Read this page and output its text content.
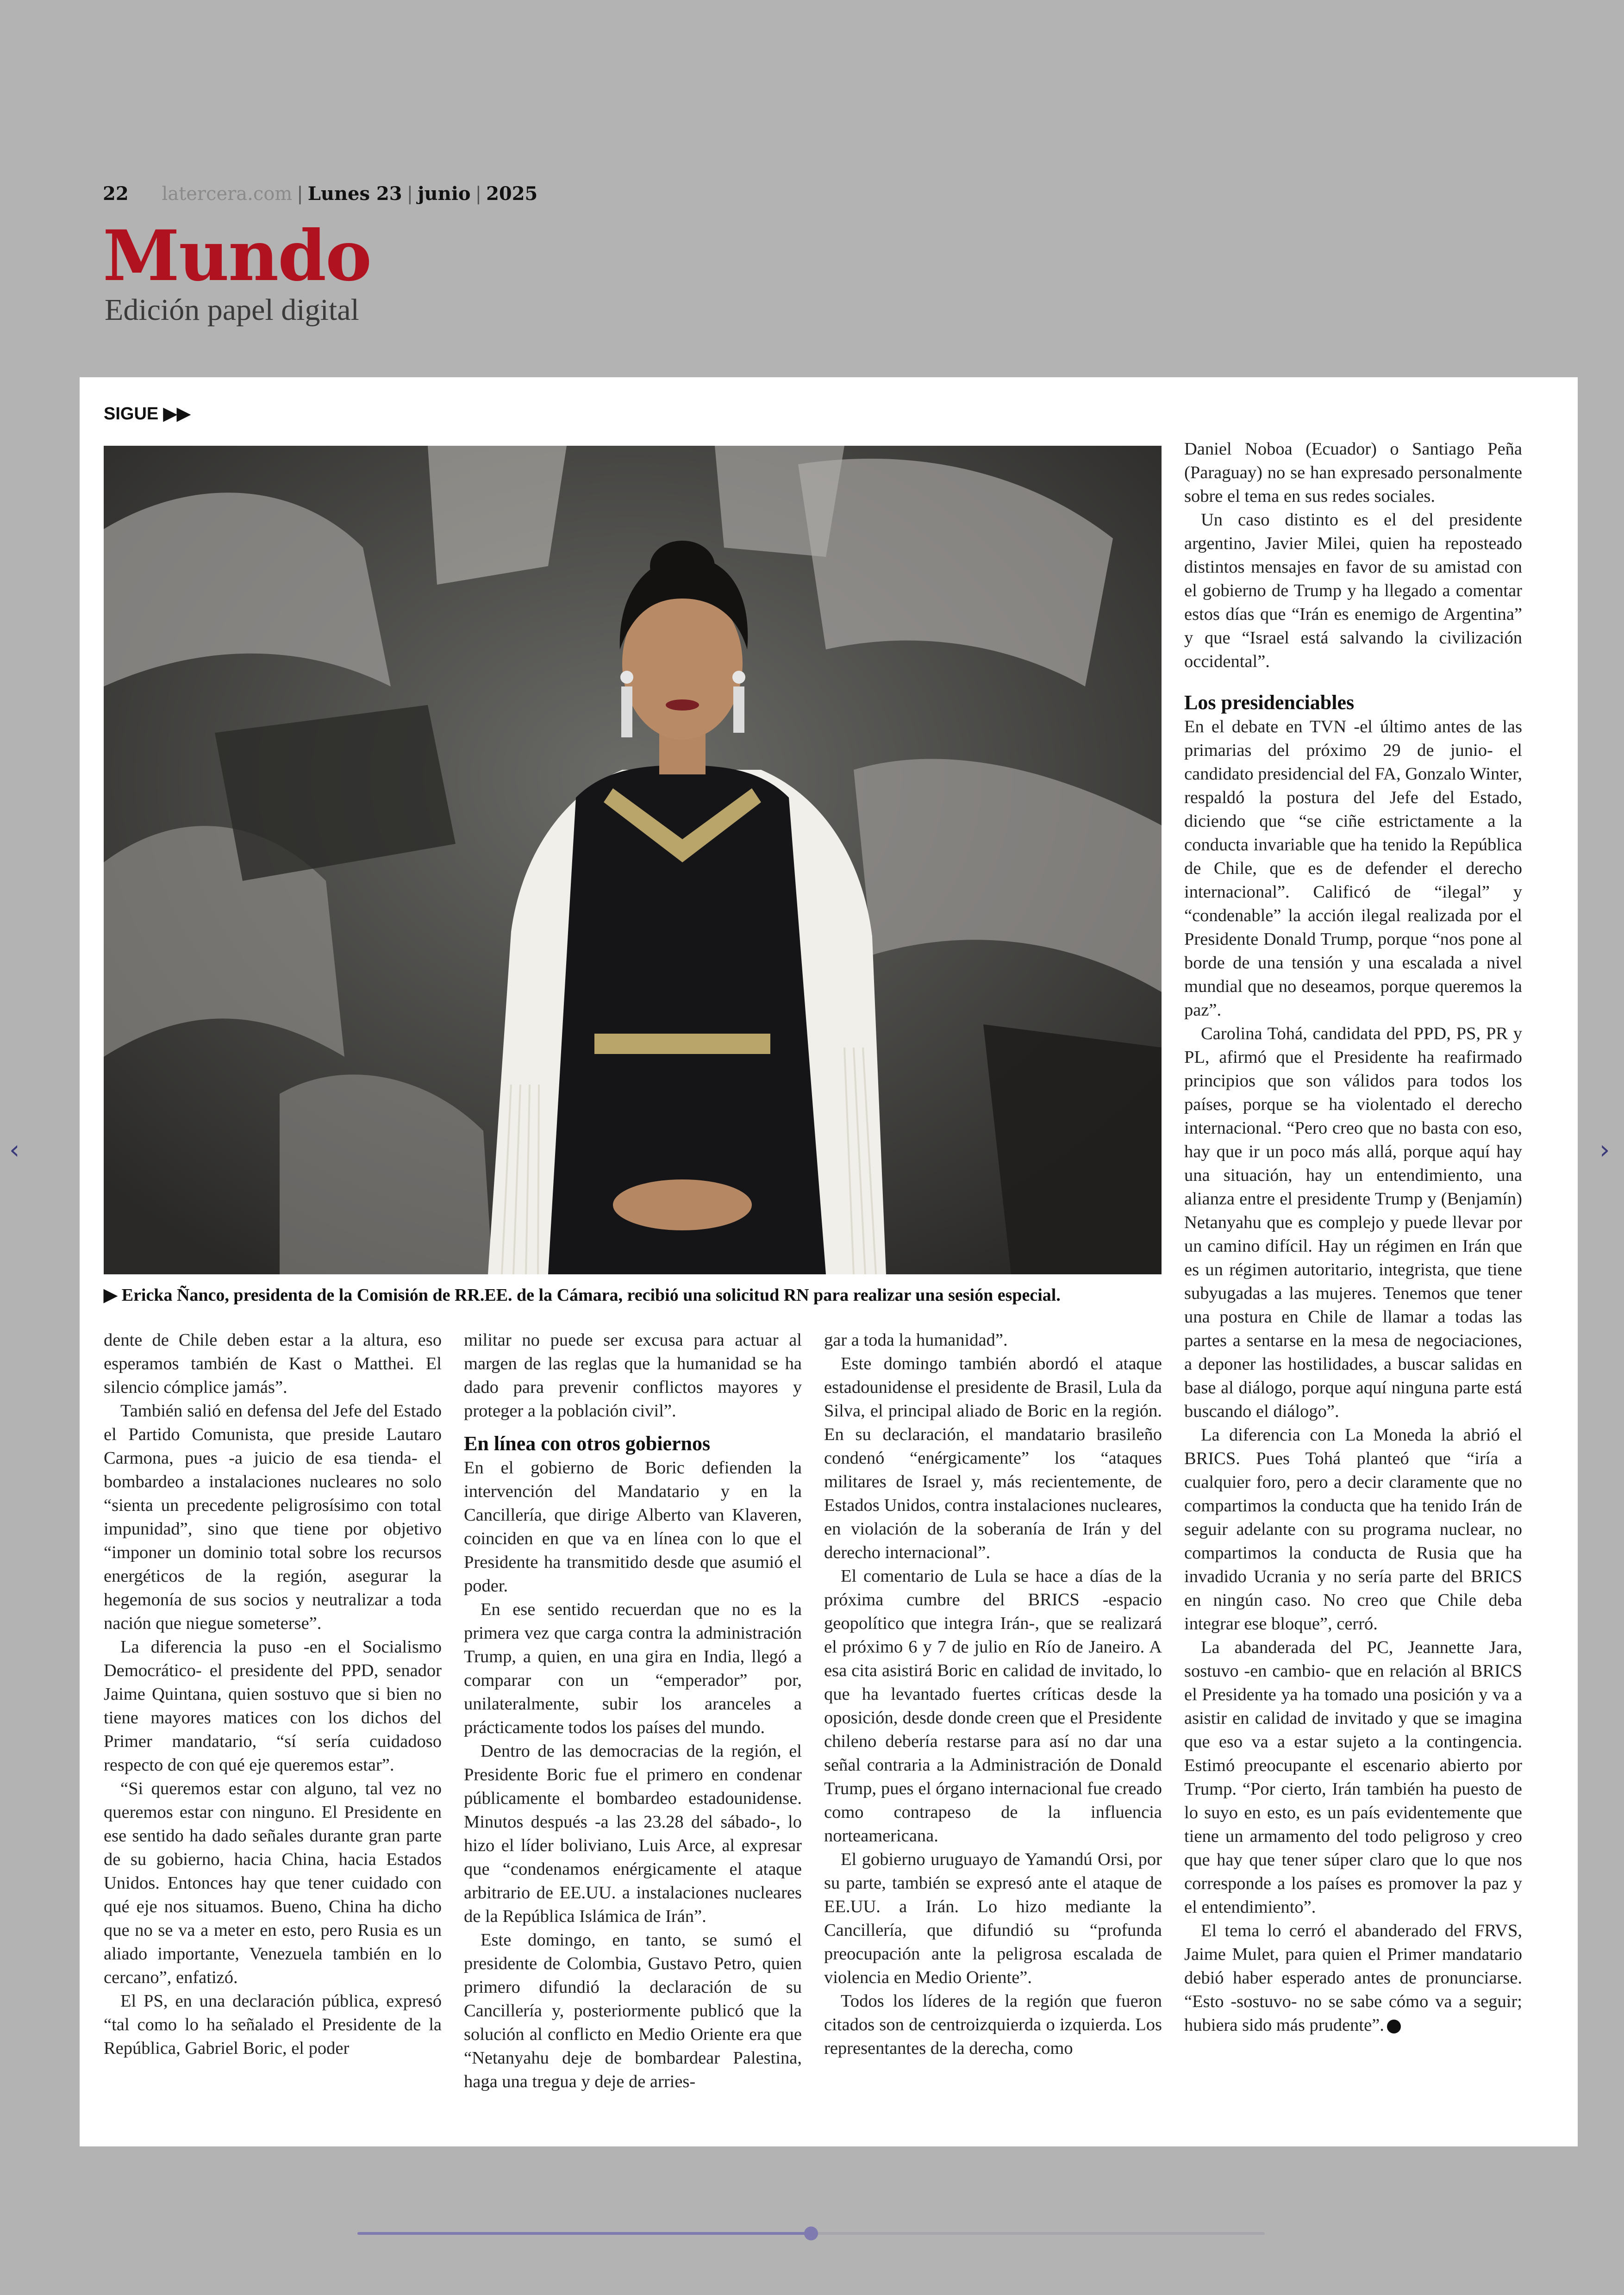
22 latercera.com | Lunes 23 | junio | 2025
Mundo
Edición papel digital
‹	›
SIGUE ▶▶
▶ Ericka Ñanco, presidenta de la Comisión de RR.EE. de la Cámara, recibió una solicitud RN para realizar una sesión especial.

dente de Chile deben estar a la altura, eso esperamos también de Kast o Matthei. El silencio cómplice jamás”.

También salió en defensa del Jefe del Estado el Partido Comunista, que preside Lautaro Carmona, pues -a juicio de esa tienda- el bombardeo a instalaciones nucleares no solo “sienta un precedente peligrosísimo con total impunidad”, sino que tiene por objetivo “imponer un dominio total sobre los recursos energéticos de la región, asegurar la hegemonía de sus socios y neutralizar a toda nación que niegue someterse”.

La diferencia la puso -en el Socialismo Democrático- el presidente del PPD, senador Jaime Quintana, quien sostuvo que si bien no tiene mayores matices con los dichos del Primer mandatario, “sí sería cuidadoso respecto de con qué eje queremos estar”.

“Si queremos estar con alguno, tal vez no queremos estar con ninguno. El Presidente en ese sentido ha dado señales durante gran parte de su gobierno, hacia China, hacia Estados Unidos. Entonces hay que tener cuidado con qué eje nos situamos. Bueno, China ha dicho que no se va a meter en esto, pero Rusia es un aliado importante, Venezuela también en lo cercano”, enfatizó.

El PS, en una declaración pública, expresó “tal como lo ha señalado el Presidente de la República, Gabriel Boric, el poder

militar no puede ser excusa para actuar al margen de las reglas que la humanidad se ha dado para prevenir conflictos mayores y proteger a la población civil”.

En línea con otros gobiernos

En el gobierno de Boric defienden la intervención del Mandatario y en la Cancillería, que dirige Alberto van Klaveren, coinciden en que va en línea con lo que el Presidente ha transmitido desde que asumió el poder.

En ese sentido recuerdan que no es la primera vez que carga contra la administración Trump, a quien, en una gira en India, llegó a comparar con un “emperador” por, unilateralmente, subir los aranceles a prácticamente todos los países del mundo.

Dentro de las democracias de la región, el Presidente Boric fue el primero en condenar públicamente el bombardeo estadounidense. Minutos después -a las 23.28 del sábado-, lo hizo el líder boliviano, Luis Arce, al expresar que “condenamos enérgicamente el ataque arbitrario de EE.UU. a instalaciones nucleares de la República Islámica de Irán”.

Este domingo, en tanto, se sumó el presidente de Colombia, Gustavo Petro, quien primero difundió la declaración de su Cancillería y, posteriormente publicó que la solución al conflicto en Medio Oriente era que “Netanyahu deje de bombardear Palestina, haga una tregua y deje de arries-

gar a toda la humanidad”.

Este domingo también abordó el ataque estadounidense el presidente de Brasil, Lula da Silva, el principal aliado de Boric en la región. En su declaración, el mandatario brasileño condenó “enérgicamente” los “ataques militares de Israel y, más recientemente, de Estados Unidos, contra instalaciones nucleares, en violación de la soberanía de Irán y del derecho internacional”.

El comentario de Lula se hace a días de la próxima cumbre del BRICS -espacio geopolítico que integra Irán-, que se realizará el próximo 6 y 7 de julio en Río de Janeiro. A esa cita asistirá Boric en calidad de invitado, lo que ha levantado fuertes críticas desde la oposición, desde donde creen que el Presidente chileno debería restarse para así no dar una señal contraria a la Administración de Donald Trump, pues el órgano internacional fue creado como contrapeso de la influencia norteamericana.

El gobierno uruguayo de Yamandú Orsi, por su parte, también se expresó ante el ataque de EE.UU. a Irán. Lo hizo mediante la Cancillería, que difundió su “profunda preocupación ante la peligrosa escalada de violencia en Medio Oriente”.

Todos los líderes de la región que fueron citados son de centroizquierda o izquierda. Los representantes de la derecha, como

Daniel Noboa (Ecuador) o Santiago Peña (Paraguay) no se han expresado personalmente sobre el tema en sus redes sociales.

Un caso distinto es el del presidente argentino, Javier Milei, quien ha reposteado distintos mensajes en favor de su amistad con el gobierno de Trump y ha llegado a comentar estos días que “Irán es enemigo de Argentina” y que “Israel está salvando la civilización occidental”.

Los presidenciables

En el debate en TVN -el último antes de las primarias del próximo 29 de junio- el candidato presidencial del FA, Gonzalo Winter, respaldó la postura del Jefe del Estado, diciendo que “se ciñe estrictamente a la conducta invariable que ha tenido la República de Chile, que es de defender el derecho internacional”. Calificó de “ilegal” y “condenable” la acción ilegal realizada por el Presidente Donald Trump, porque “nos pone al borde de una tensión y una escalada a nivel mundial que no deseamos, porque queremos la paz”.

Carolina Tohá, candidata del PPD, PS, PR y PL, afirmó que el Presidente ha reafirmado principios que son válidos para todos los países, porque se ha violentado el derecho internacional. “Pero creo que no basta con eso, hay que ir un poco más allá, porque aquí hay una situación, hay un entendimiento, una alianza entre el presidente Trump y (Benjamín) Netanyahu que es complejo y puede llevar por un camino difícil. Hay un régimen en Irán que es un régimen autoritario, integrista, que tiene subyugadas a las mujeres. Tenemos que tener una postura en Chile de llamar a todas las partes a sentarse en la mesa de negociaciones, a deponer las hostilidades, a buscar salidas en base al diálogo, porque aquí ninguna parte está buscando el diálogo”.

La diferencia con La Moneda la abrió el BRICS. Pues Tohá planteó que “iría a cualquier foro, pero a decir claramente que no compartimos la conducta que ha tenido Irán de seguir adelante con su programa nuclear, no compartimos la conducta de Rusia que ha invadido Ucrania y no sería parte del BRICS en ningún caso. No creo que Chile deba integrar ese bloque”, cerró.

La abanderada del PC, Jeannette Jara, sostuvo -en cambio- que en relación al BRICS el Presidente ya ha tomado una posición y va a asistir en calidad de invitado y que se imagina que eso va a estar sujeto a la contingencia. Estimó preocupante el escenario abierto por Trump. “Por cierto, Irán también ha puesto de lo suyo en esto, es un país evidentemente que tiene un armamento del todo peligroso y creo que hay que tener súper claro que lo que nos corresponde a los países es promover la paz y el entendimiento”.

El tema lo cerró el abanderado del FRVS, Jaime Mulet, para quien el Primer mandatario debió haber esperado antes de pronunciarse. “Esto -sostuvo- no se sabe cómo va a seguir; hubiera sido más prudente”.
